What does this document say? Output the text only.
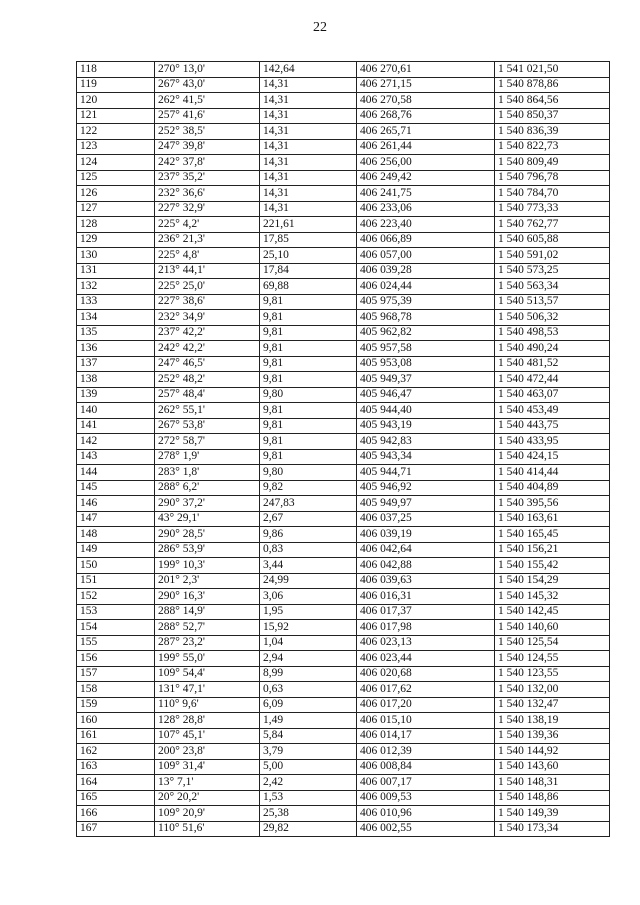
22
118	270° 13,0'	142,64	406 270,61	1 541 021,50
119	267° 43,0'	14,31	406 271,15	1 540 878,86
120	262° 41,5'	14,31	406 270,58	1 540 864,56
121	257° 41,6'	14,31	406 268,76	1 540 850,37
122	252° 38,5'	14,31	406 265,71	1 540 836,39
123	247° 39,8'	14,31	406 261,44	1 540 822,73
124	242° 37,8'	14,31	406 256,00	1 540 809,49
125	237° 35,2'	14,31	406 249,42	1 540 796,78
126	232° 36,6'	14,31	406 241,75	1 540 784,70
127	227° 32,9'	14,31	406 233,06	1 540 773,33
128	225° 4,2'	221,61	406 223,40	1 540 762,77
129	236° 21,3'	17,85	406 066,89	1 540 605,88
130	225° 4,8'	25,10	406 057,00	1 540 591,02
131	213° 44,1'	17,84	406 039,28	1 540 573,25
132	225° 25,0'	69,88	406 024,44	1 540 563,34
133	227° 38,6'	9,81	405 975,39	1 540 513,57
134	232° 34,9'	9,81	405 968,78	1 540 506,32
135	237° 42,2'	9,81	405 962,82	1 540 498,53
136	242° 42,2'	9,81	405 957,58	1 540 490,24
137	247° 46,5'	9,81	405 953,08	1 540 481,52
138	252° 48,2'	9,81	405 949,37	1 540 472,44
139	257° 48,4'	9,80	405 946,47	1 540 463,07
140	262° 55,1'	9,81	405 944,40	1 540 453,49
141	267° 53,8'	9,81	405 943,19	1 540 443,75
142	272° 58,7'	9,81	405 942,83	1 540 433,95
143	278° 1,9'	9,81	405 943,34	1 540 424,15
144	283° 1,8'	9,80	405 944,71	1 540 414,44
145	288° 6,2'	9,82	405 946,92	1 540 404,89
146	290° 37,2'	247,83	405 949,97	1 540 395,56
147	43° 29,1'	2,67	406 037,25	1 540 163,61
148	290° 28,5'	9,86	406 039,19	1 540 165,45
149	286° 53,9'	0,83	406 042,64	1 540 156,21
150	199° 10,3'	3,44	406 042,88	1 540 155,42
151	201° 2,3'	24,99	406 039,63	1 540 154,29
152	290° 16,3'	3,06	406 016,31	1 540 145,32
153	288° 14,9'	1,95	406 017,37	1 540 142,45
154	288° 52,7'	15,92	406 017,98	1 540 140,60
155	287° 23,2'	1,04	406 023,13	1 540 125,54
156	199° 55,0'	2,94	406 023,44	1 540 124,55
157	109° 54,4'	8,99	406 020,68	1 540 123,55
158	131° 47,1'	0,63	406 017,62	1 540 132,00
159	110° 9,6'	6,09	406 017,20	1 540 132,47
160	128° 28,8'	1,49	406 015,10	1 540 138,19
161	107° 45,1'	5,84	406 014,17	1 540 139,36
162	200° 23,8'	3,79	406 012,39	1 540 144,92
163	109° 31,4'	5,00	406 008,84	1 540 143,60
164	13° 7,1'	2,42	406 007,17	1 540 148,31
165	20° 20,2'	1,53	406 009,53	1 540 148,86
166	109° 20,9'	25,38	406 010,96	1 540 149,39
167	110° 51,6'	29,82	406 002,55	1 540 173,34
